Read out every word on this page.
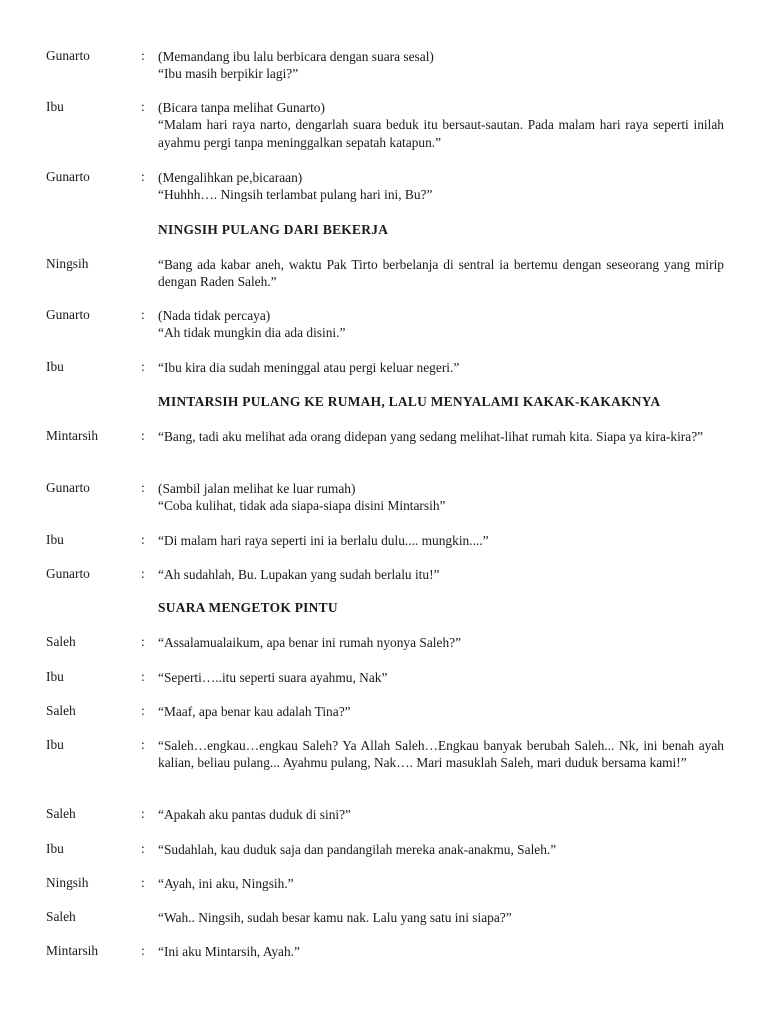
Gunarto	: (Memandang ibu lalu berbicara dengan suara sesal)
“Ibu masih berpikir lagi?”
Ibu	: (Bicara tanpa melihat Gunarto)
“Malam hari raya narto, dengarlah suara beduk itu bersaut-sautan. Pada malam hari raya seperti inilah ayahmu pergi tanpa meninggalkan sepatah katapun.”
Gunarto	: (Mengalihkan pe,bicaraan)
“Huhhh…. Ningsih terlambat pulang hari ini, Bu?”
NINGSIH PULANG DARI BEKERJA
Ningsih	“Bang ada kabar aneh, waktu Pak Tirto berbelanja di sentral ia bertemu dengan seseorang yang mirip dengan Raden Saleh.”
Gunarto	: (Nada tidak percaya)
“Ah tidak mungkin dia ada disini.”
Ibu	: “Ibu kira dia sudah meninggal atau pergi keluar negeri.”
MINTARSIH PULANG KE RUMAH, LALU MENYALAMI KAKAK-KAKAKNYA
Mintarsih	: “Bang, tadi aku melihat ada orang didepan yang sedang melihat-lihat rumah kita. Siapa ya kira-kira?”
Gunarto	: (Sambil jalan melihat ke luar rumah)
“Coba kulihat, tidak ada siapa-siapa disini Mintarsih”
Ibu	: “Di malam hari raya seperti ini ia berlalu dulu.... mungkin....”
Gunarto	: “Ah sudahlah, Bu. Lupakan yang sudah berlalu itu!”
SUARA MENGETOK PINTU
Saleh	: “Assalamualaikum, apa benar ini rumah nyonya Saleh?”
Ibu	: “Seperti…..itu seperti suara ayahmu, Nak”
Saleh	: “Maaf, apa benar kau adalah Tina?”
Ibu	: “Saleh…engkau…engkau Saleh? Ya Allah Saleh…Engkau banyak berubah Saleh... Nk, ini benah ayah kalian, beliau pulang... Ayahmu pulang, Nak…. Mari masuklah Saleh, mari duduk bersama kami!”
Saleh	: “Apakah aku pantas duduk di sini?”
Ibu	: “Sudahlah, kau duduk saja dan pandangilah mereka anak-anakmu, Saleh.”
Ningsih	: “Ayah, ini aku, Ningsih.”
Saleh	“Wah.. Ningsih, sudah besar kamu nak. Lalu yang satu ini siapa?”
Mintarsih	: “Ini aku Mintarsih, Ayah.”
